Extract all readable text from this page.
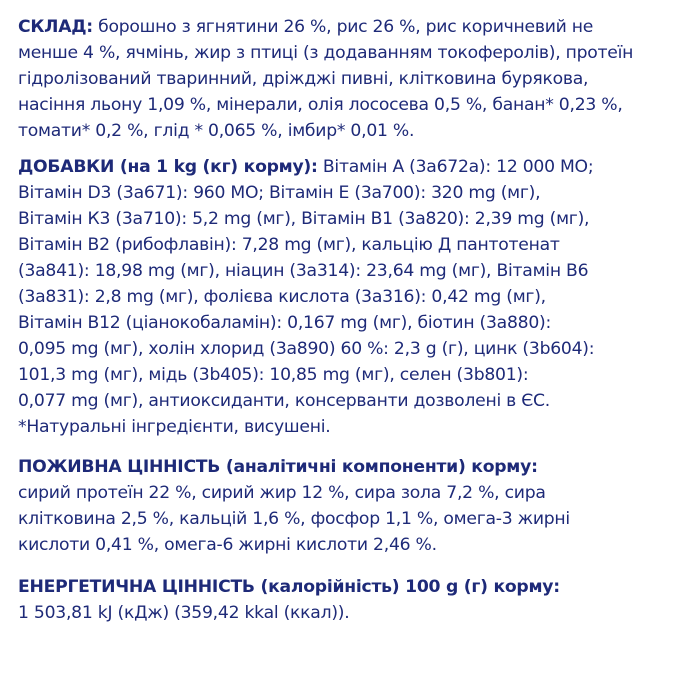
СКЛАД: борошно з ягнятини 26 %, рис 26 %, рис коричневий не
менше 4 %, ячмінь, жир з птиці (з додаванням токоферолів), протеїн
гідролізований тваринний, дріжджі пивні, клітковина бурякова,
насіння льону 1,09 %, мінерали, олія лососева 0,5 %, банан* 0,23 %,
томати* 0,2 %, глід * 0,065 %, імбир* 0,01 %.
ДОБАВКИ (на 1 kg (кг) корму): Вітамін А (3а672а): 12 000 МО;
Вітамін D3 (3а671): 960 МО; Вітамін Е (3а700): 320 mg (мг),
Вітамін К3 (3а710): 5,2 mg (мг), Вітамін В1 (3а820): 2,39 mg (мг),
Вітамін В2 (рибофлавін): 7,28 mg (мг), кальцію Д пантотенат
(3а841): 18,98 mg (мг), ніацин (3а314): 23,64 mg (мг), Вітамін В6
(3а831): 2,8 mg (мг), фолієва кислота (3а316): 0,42 mg (мг),
Вітамін В12 (ціанокобаламін): 0,167 mg (мг), біотин (3а880):
0,095 mg (мг), холін хлорид (3а890) 60 %: 2,3 g (г), цинк (3b604):
101,3 mg (мг), мідь (3b405): 10,85 mg (мг), селен (3b801):
0,077 mg (мг), антиоксиданти, консерванти дозволені в ЄС.
*Натуральні інгредієнти, висушені.
ПОЖИВНА ЦІННІСТЬ (аналітичні компоненти) корму:
сирий протеїн 22 %, сирий жир 12 %, сира зола 7,2 %, сира
клітковина 2,5 %, кальцій 1,6 %, фосфор 1,1 %, омега-3 жирні
кислоти 0,41 %, омега-6 жирні кислоти 2,46 %.
ЕНЕРГЕТИЧНА ЦІННІСТЬ (калорійність) 100 g (г) корму:
1 503,81 kJ (кДж) (359,42 kkal (ккал)).
